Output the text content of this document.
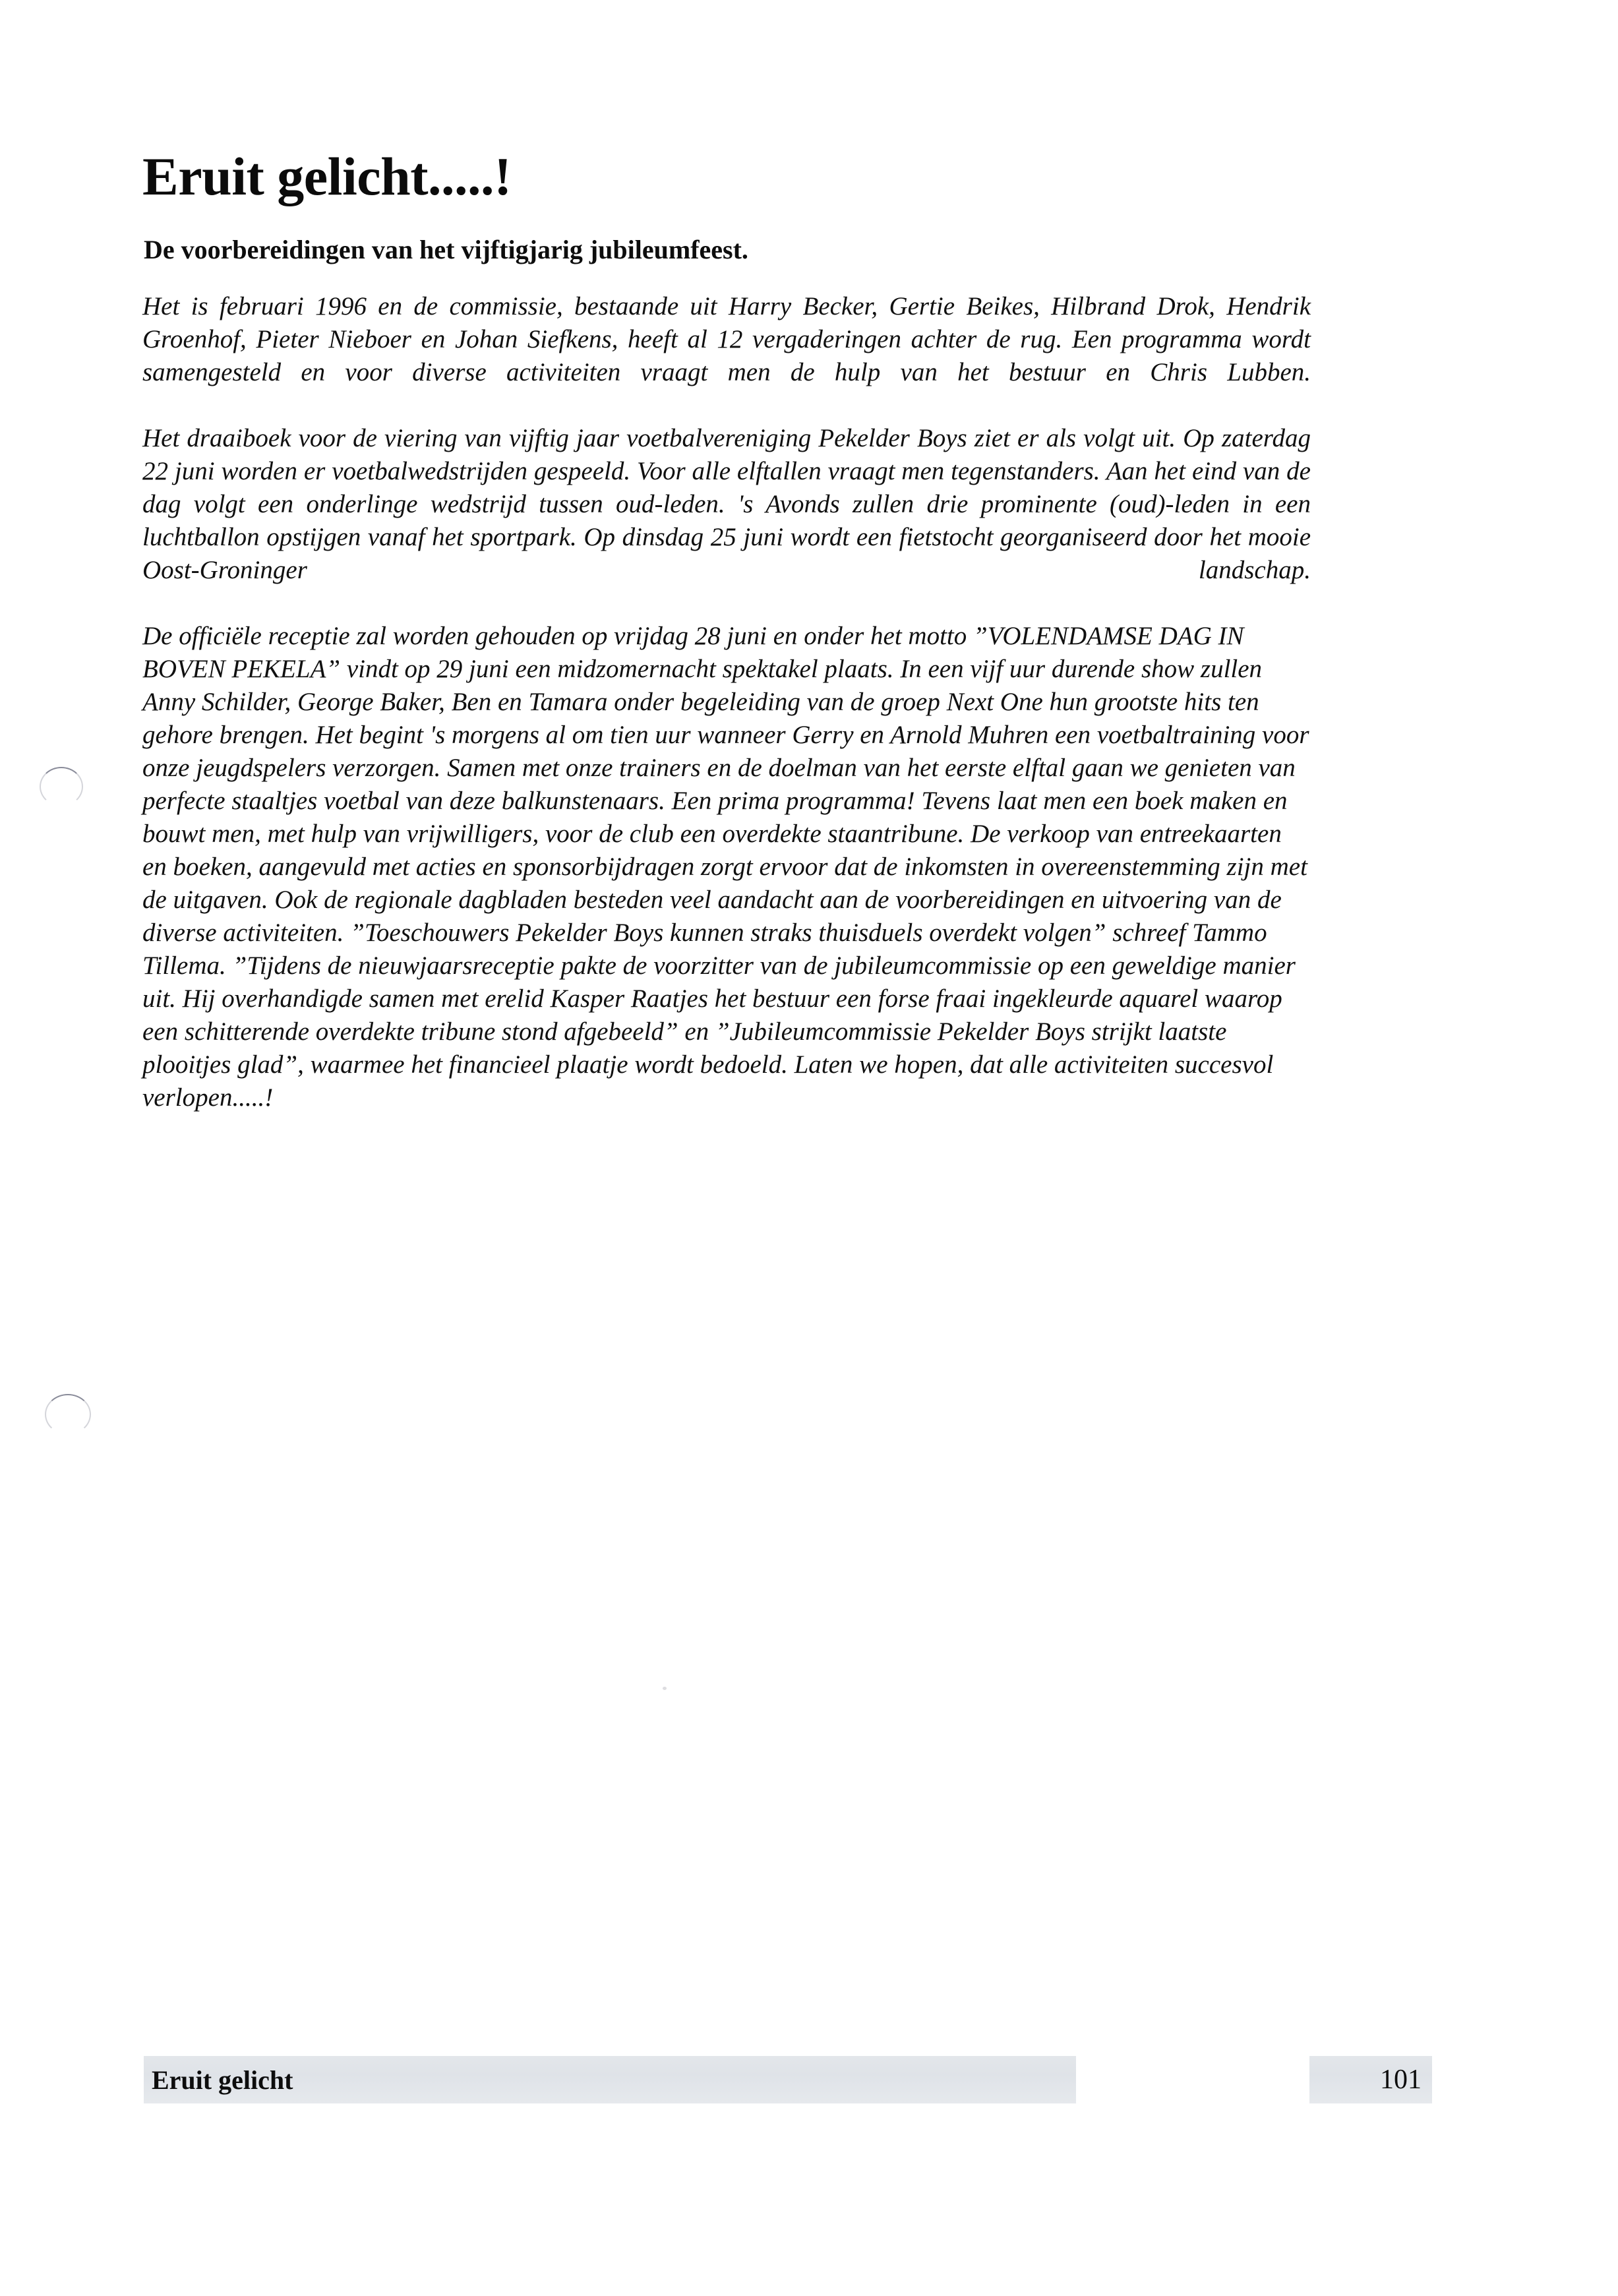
Eruit gelicht.....!
De voorbereidingen van het vijftigjarig jubileumfeest.

Het is februari 1996 en de commissie, bestaande uit Harry Becker, Gertie Beikes, Hilbrand Drok, Hendrik Groenhof, Pieter Nieboer en Johan Siefkens, heeft al 12 vergaderingen achter de rug. Een programma wordt samengesteld en voor diverse activiteiten vraagt men de hulp van het bestuur en Chris Lubben.

Het draaiboek voor de viering van vijftig jaar voetbalvereniging Pekelder Boys ziet er als volgt uit. Op zaterdag 22 juni worden er voetbalwedstrijden gespeeld. Voor alle elftallen vraagt men tegenstanders. Aan het eind van de dag volgt een onderlinge wedstrijd tussen oud-leden. 's Avonds zullen drie prominente (oud)-leden in een luchtballon opstijgen vanaf het sportpark. Op dinsdag 25 juni wordt een fietstocht georganiseerd door het mooie Oost-Groninger landschap.

De officiële receptie zal worden gehouden op vrijdag 28 juni en onder het motto ”VOLENDAMSE DAG IN BOVEN PEKELA” vindt op 29 juni een midzomernacht spektakel plaats. In een vijf uur durende show zullen Anny Schilder, George Baker, Ben en Tamara onder begeleiding van de groep Next One hun grootste hits ten gehore brengen. Het begint 's morgens al om tien uur wanneer Gerry en Arnold Muhren een voetbaltraining voor onze jeugdspelers verzorgen. Samen met onze trainers en de doelman van het eerste elftal gaan we genieten van perfecte staaltjes voetbal van deze balkunstenaars. Een prima programma! Tevens laat men een boek maken en bouwt men, met hulp van vrijwilligers, voor de club een overdekte staantribune. De verkoop van entreekaarten en boeken, aangevuld met acties en sponsorbijdragen zorgt ervoor dat de inkomsten in overeenstemming zijn met de uitgaven. Ook de regionale dagbladen besteden veel aandacht aan de voorbereidingen en uitvoering van de diverse activiteiten. ”Toeschouwers Pekelder Boys kunnen straks thuisduels overdekt volgen” schreef Tammo Tillema. ”Tijdens de nieuwjaarsreceptie pakte de voorzitter van de jubileumcommissie op een geweldige manier uit. Hij overhandigde samen met erelid Kasper Raatjes het bestuur een forse fraai ingekleurde aquarel waarop een schitterende overdekte tribune stond afgebeeld” en ”Jubileumcommissie Pekelder Boys strijkt laatste plooitjes glad”, waarmee het financieel plaatje wordt bedoeld. Laten we hopen, dat alle activiteiten succesvol verlopen.....!

Eruit gelicht	101
